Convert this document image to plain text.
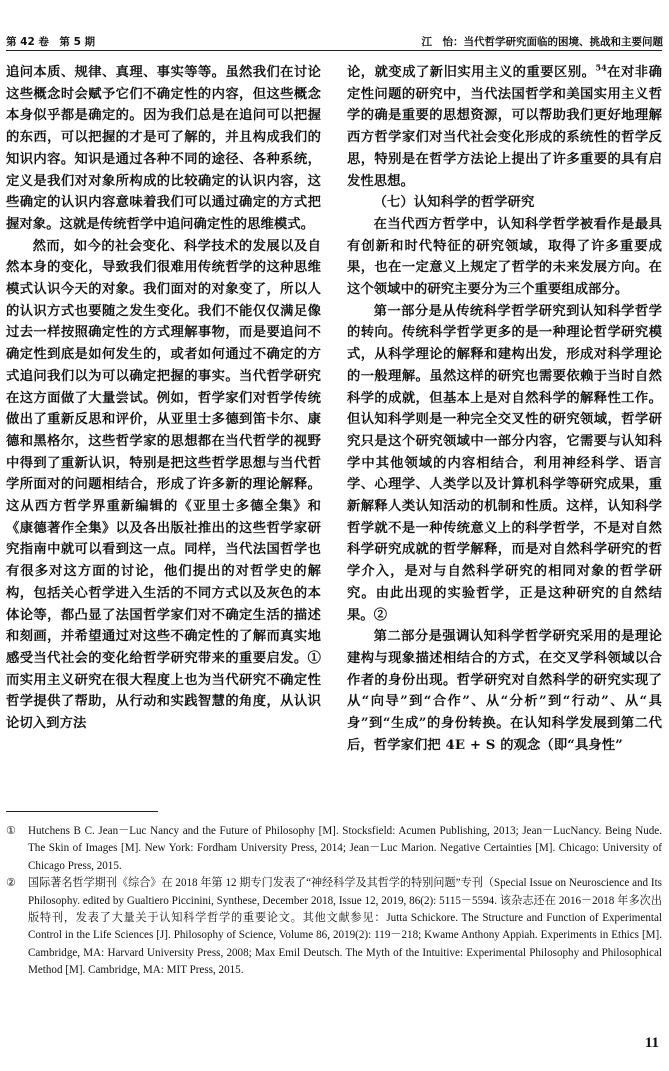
第 42 卷　第 5 期	江　怡：当代哲学研究面临的困境、挑战和主要问题

追问本质、规律、真理、事实等等。虽然我们在讨论这些概念时会赋予它们不确定性的内容，但这些概念本身似乎都是确定的。因为我们总是在追问可以把握的东西，可以把握的才是可了解的，并且构成我们的知识内容。知识是通过各种不同的途径、各种系统，定义是我们对对象所构成的比较确定的认识内容，这些确定的认识内容意味着我们可以通过确定的方式把握对象。这就是传统哲学中追问确定性的思维模式。

然而，如今的社会变化、科学技术的发展以及自然本身的变化，导致我们很难用传统哲学的这种思维模式认识今天的对象。我们面对的对象变了，所以人的认识方式也要随之发生变化。我们不能仅仅满足像过去一样按照确定性的方式理解事物，而是要追问不确定性到底是如何发生的，或者如何通过不确定的方式追问我们以为可以确定把握的事实。当代哲学研究在这方面做了大量尝试。例如，哲学家们对哲学传统做出了重新反思和评价，从亚里士多德到笛卡尔、康德和黑格尔，这些哲学家的思想都在当代哲学的视野中得到了重新认识，特别是把这些哲学思想与当代哲学所面对的问题相结合，形成了许多新的理论解释。这从西方哲学界重新编辑的《亚里士多德全集》和《康德著作全集》以及各出版社推出的这些哲学家研究指南中就可以看到这一点。同样，当代法国哲学也有很多对这方面的讨论，他们提出的对哲学史的解构，包括关心哲学进入生活的不同方式以及灰色的本体论等，都凸显了法国哲学家们对不确定生活的描述和刻画，并希望通过对这些不确定性的了解而真实地感受当代社会的变化给哲学研究带来的重要启发。①而实用主义研究在很大程度上也为当代研究不确定性哲学提供了帮助，从行动和实践智慧的角度，从认识论切入到方法

论，就变成了新旧实用主义的重要区别。$^{54}$在对非确定性问题的研究中，当代法国哲学和美国实用主义哲学的确是重要的思想资源，可以帮助我们更好地理解西方哲学家们对当代社会变化形成的系统性的哲学反思，特别是在哲学方法论上提出了许多重要的具有启发性思想。

（七）认知科学的哲学研究

在当代西方哲学中，认知科学哲学被看作是最具有创新和时代特征的研究领域，取得了许多重要成果，也在一定意义上规定了哲学的未来发展方向。在这个领域中的研究主要分为三个重要组成部分。

第一部分是从传统科学哲学研究到认知科学哲学的转向。传统科学哲学更多的是一种理论哲学研究模式，从科学理论的解释和建构出发，形成对科学理论的一般理解。虽然这样的研究也需要依赖于当时自然科学的成就，但基本上是对自然科学的解释性工作。但认知科学则是一种完全交叉性的研究领域，哲学研究只是这个研究领域中一部分内容，它需要与认知科学中其他领域的内容相结合，利用神经科学、语言学、心理学、人类学以及计算机科学等研究成果，重新解释人类认知活动的机制和性质。这样，认知科学哲学就不是一种传统意义上的科学哲学，不是对自然科学研究成就的哲学解释，而是对自然科学研究的哲学介入，是对与自然科学研究的相同对象的哲学研究。由此出现的实验哲学，正是这种研究的自然结果。②

第二部分是强调认知科学哲学研究采用的是理论建构与现象描述相结合的方式，在交叉学科领域以合作者的身份出现。哲学研究对自然科学的研究实现了从“向导”到“合作”、从“分析”到“行动”、从“具身”到“生成”的身份转换。在认知科学发展到第二代后，哲学家们把 4E + S 的观念（即“具身性”

① Hutchens B C. Jean－Luc Nancy and the Future of Philosophy [M]. Stocksfield: Acumen Publishing, 2013; Jean－LucNancy. Being Nude. The Skin of Images [M]. New York: Fordham University Press, 2014; Jean－Luc Marion. Negative Certainties [M]. Chicago: University of Chicago Press, 2015.
② 国际著名哲学期刊《综合》在 2018 年第 12 期专门发表了“神经科学及其哲学的特别问题”专刊（Special Issue on Neuroscience and Its Philosophy. edited by Gualtiero Piccinini, Synthese, December 2018, Issue 12, 2019, 86(2): 5115－5594. 该杂志还在 2016－2018 年多次出版特刊，发表了大量关于认知科学哲学的重要论文。其他文献参见：Jutta Schickore. The Structure and Function of Experimental Control in the Life Sciences [J]. Philosophy of Science, Volume 86, 2019(2): 119－218; Kwame Anthony Appiah. Experiments in Ethics [M]. Cambridge, MA: Harvard University Press, 2008; Max Emil Deutsch. The Myth of the Intuitive: Experimental Philosophy and Philosophical Method [M]. Cambridge, MA: MIT Press, 2015.
11
